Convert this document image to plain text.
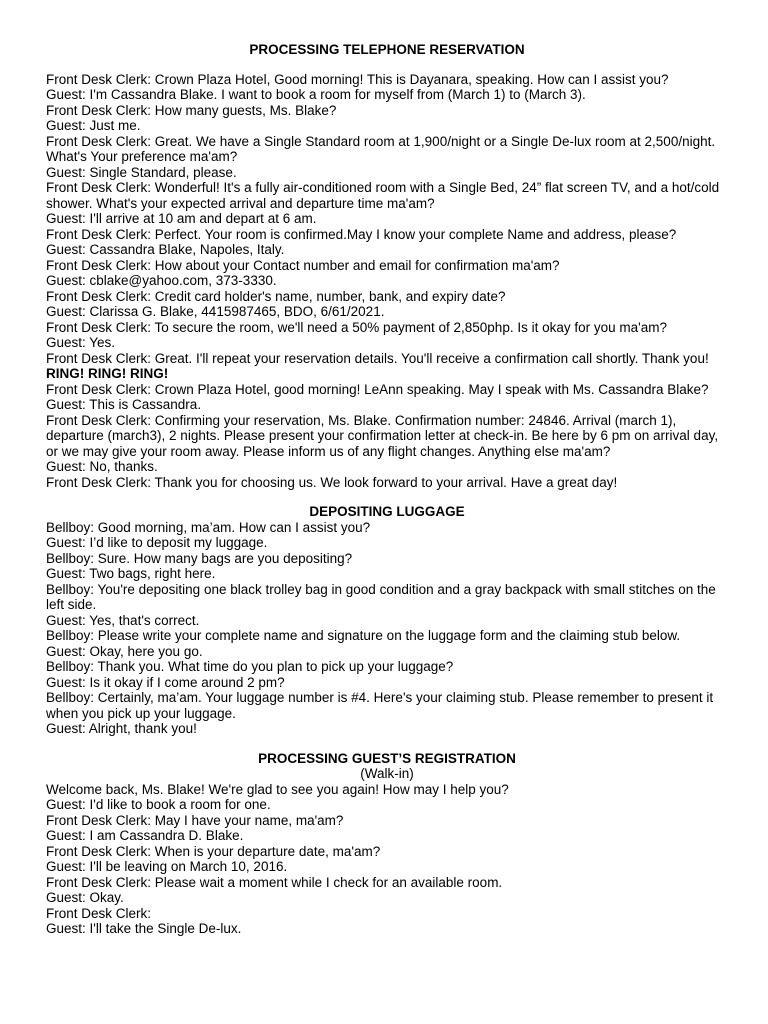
PROCESSING TELEPHONE RESERVATION

Front Desk Clerk: Crown Plaza Hotel, Good morning! This is Dayanara, speaking. How can I assist you?

Guest: I'm Cassandra Blake. I want to book a room for myself from (March 1) to (March 3).

Front Desk Clerk: How many guests, Ms. Blake?

Guest: Just me.

Front Desk Clerk: Great. We have a Single Standard room at 1,900/night or a Single De-lux room at 2,500/night. What's Your preference ma'am?

Guest: Single Standard, please.

Front Desk Clerk: Wonderful! It's a fully air-conditioned room with a Single Bed, 24” flat screen TV, and a hot/cold shower. What's your expected arrival and departure time ma'am?

Guest: I'll arrive at 10 am and depart at 6 am.

Front Desk Clerk: Perfect. Your room is confirmed.May I know your complete Name and address, please?

Guest: Cassandra Blake, Napoles, Italy.

Front Desk Clerk: How about your Contact number and email for confirmation ma'am?

Guest: cblake@yahoo.com, 373-3330.

Front Desk Clerk: Credit card holder's name, number, bank, and expiry date?

Guest: Clarissa G. Blake, 4415987465, BDO, 6/61/2021.

Front Desk Clerk: To secure the room, we'll need a 50% payment of 2,850php. Is it okay for you ma'am?

Guest: Yes.

Front Desk Clerk: Great. I'll repeat your reservation details. You'll receive a confirmation call shortly. Thank you!

RING! RING! RING!

Front Desk Clerk: Crown Plaza Hotel, good morning! LeAnn speaking. May I speak with Ms. Cassandra Blake?

Guest: This is Cassandra.

Front Desk Clerk: Confirming your reservation, Ms. Blake. Confirmation number: 24846. Arrival (march 1), departure (march3), 2 nights. Please present your confirmation letter at check-in. Be here by 6 pm on arrival day, or we may give your room away. Please inform us of any flight changes. Anything else ma'am?

Guest: No, thanks.

Front Desk Clerk: Thank you for choosing us. We look forward to your arrival. Have a great day!

DEPOSITING LUGGAGE

Bellboy: Good morning, ma’am. How can I assist you?

Guest: I’d like to deposit my luggage.

Bellboy: Sure. How many bags are you depositing?

Guest: Two bags, right here.

Bellboy: You're depositing one black trolley bag in good condition and a gray backpack with small stitches on the left side.

Guest: Yes, that's correct.

Bellboy: Please write your complete name and signature on the luggage form and the claiming stub below.

Guest: Okay, here you go.

Bellboy: Thank you. What time do you plan to pick up your luggage?

Guest: Is it okay if I come around 2 pm?

Bellboy: Certainly, ma’am. Your luggage number is #4. Here's your claiming stub. Please remember to present it when you pick up your luggage.

Guest: Alright, thank you!

PROCESSING GUEST’S REGISTRATION
(Walk-in)

Welcome back, Ms. Blake! We're glad to see you again! How may I help you?

Guest: I'd like to book a room for one.

Front Desk Clerk: May I have your name, ma'am?

Guest: I am Cassandra D. Blake.

Front Desk Clerk: When is your departure date, ma'am?

Guest: I'll be leaving on March 10, 2016.

Front Desk Clerk: Please wait a moment while I check for an available room.

Guest: Okay.

Front Desk Clerk:

Guest: I'll take the Single De-lux.
